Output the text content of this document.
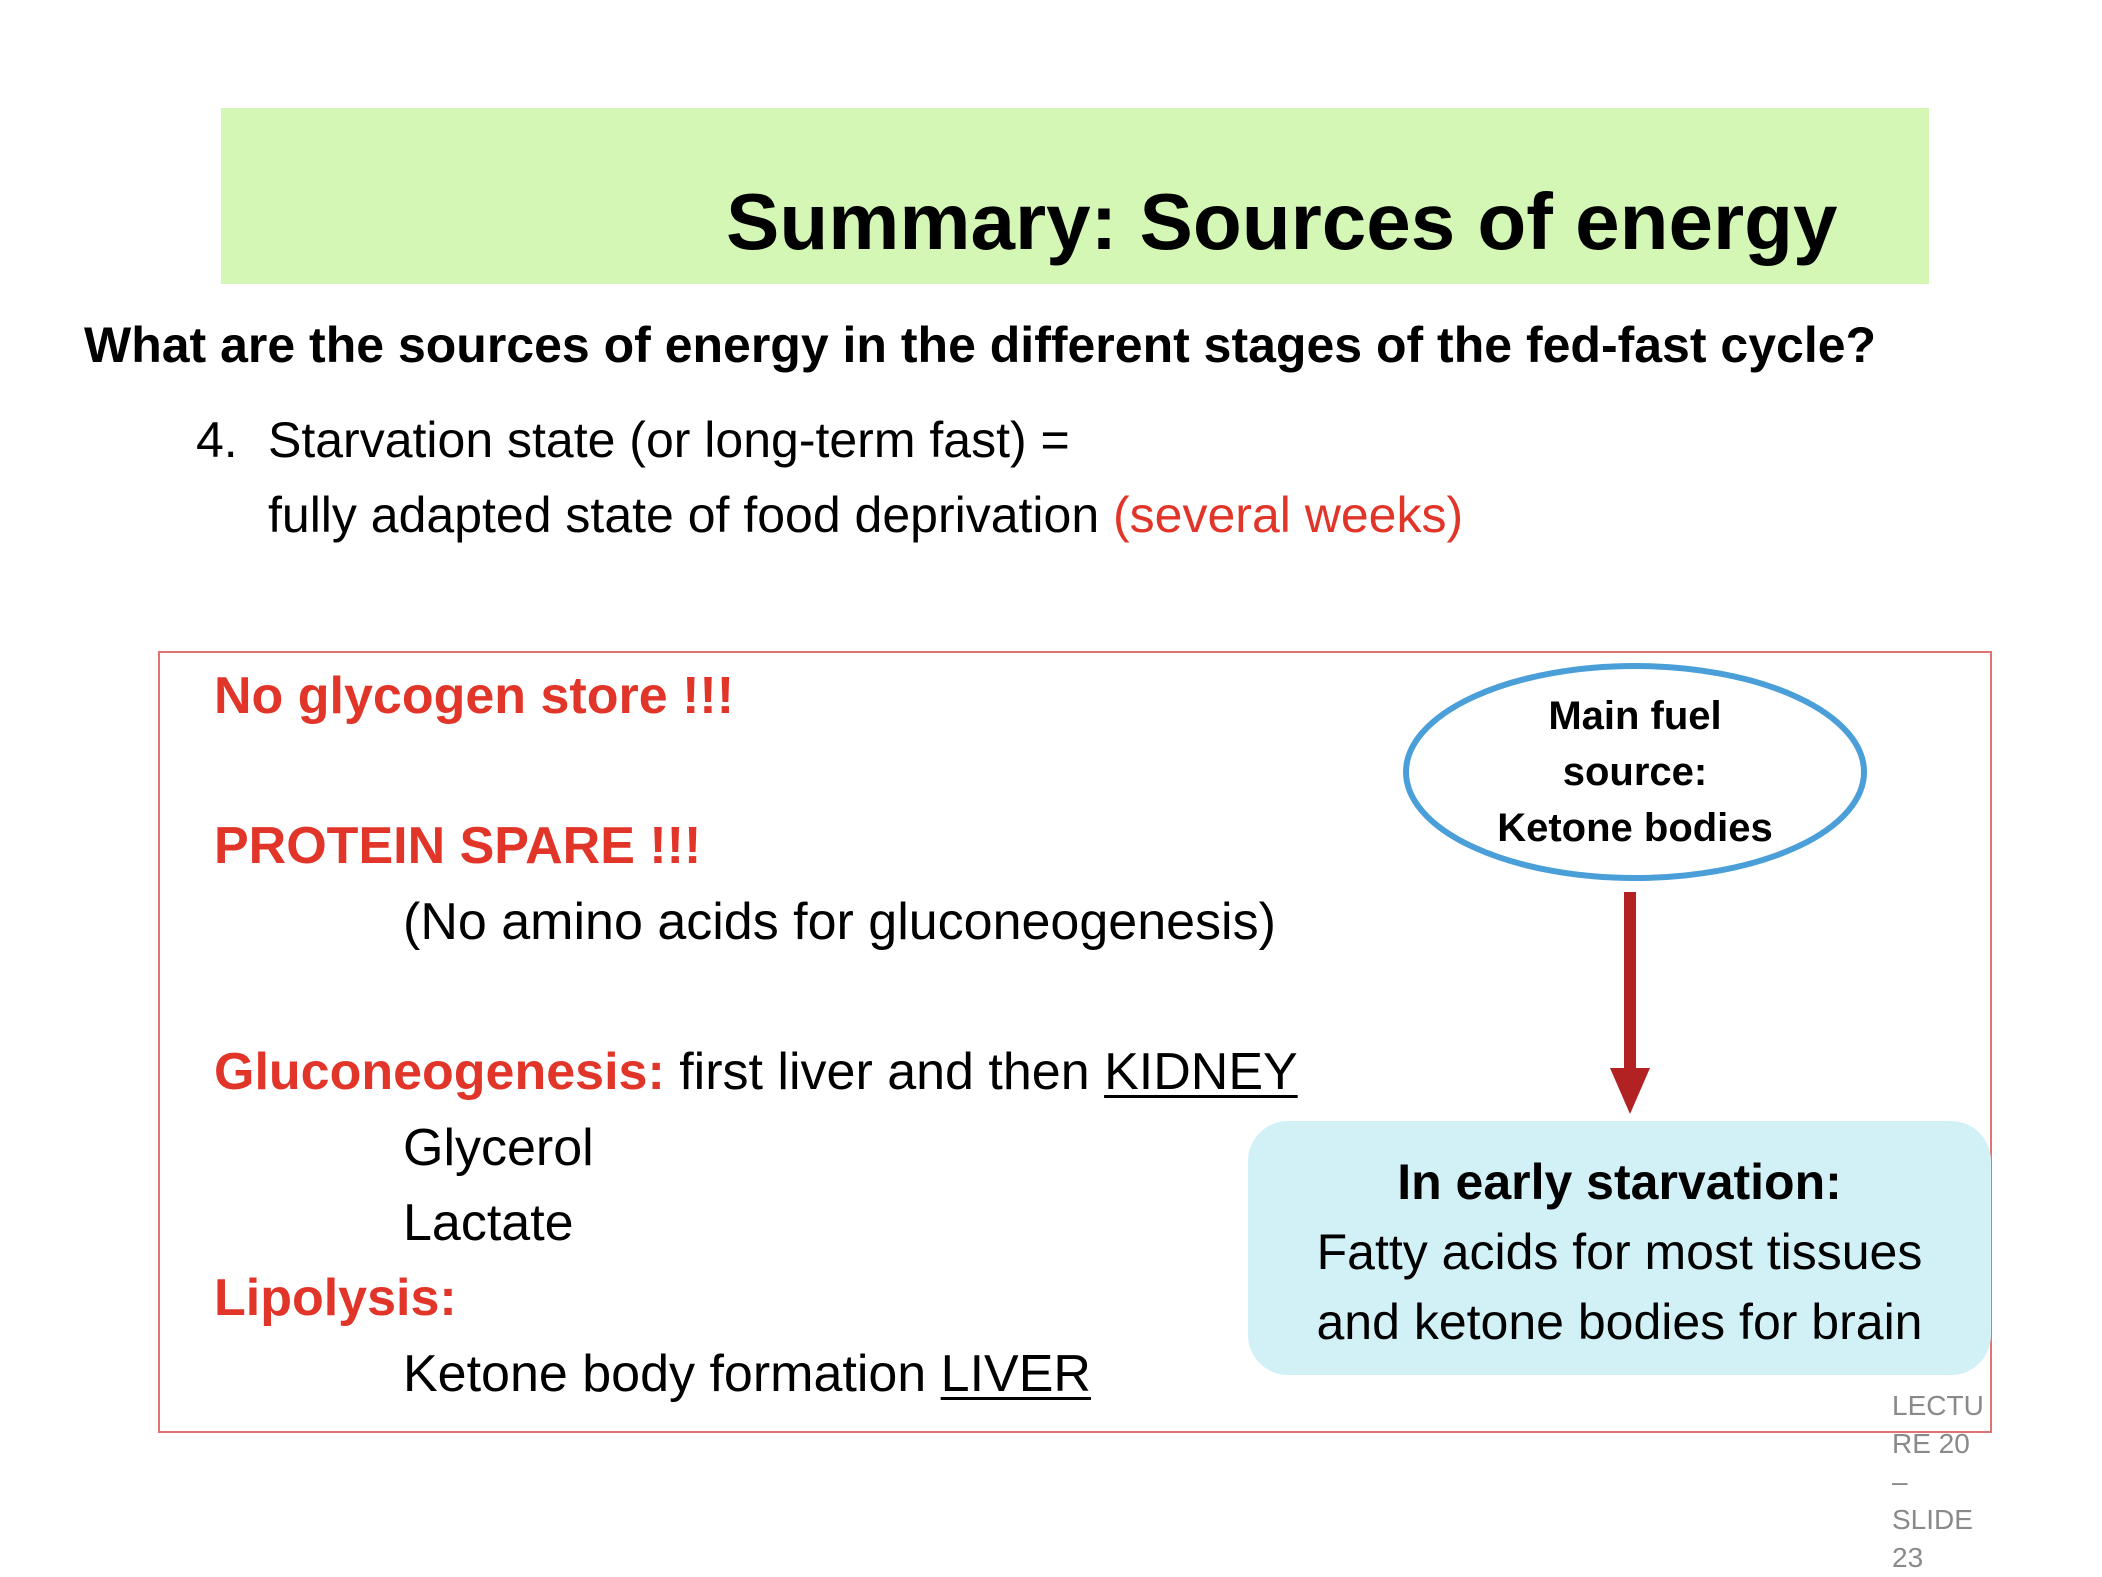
Summary: Sources of energy
What are the sources of energy in the different stages of the fed-fast cycle?
4. Starvation state (or long-term fast) =
fully adapted state of food deprivation (several weeks)
No glycogen store !!!
PROTEIN SPARE !!!
(No amino acids for gluconeogenesis)
Gluconeogenesis: first liver and then KIDNEY
Glycerol
Lactate
Lipolysis:
Ketone body formation LIVER
Main fuel
source:
Ketone bodies
In early starvation:
Fatty acids for most tissues
and ketone bodies for brain
LECTU
RE 20 –
SLIDE
23
